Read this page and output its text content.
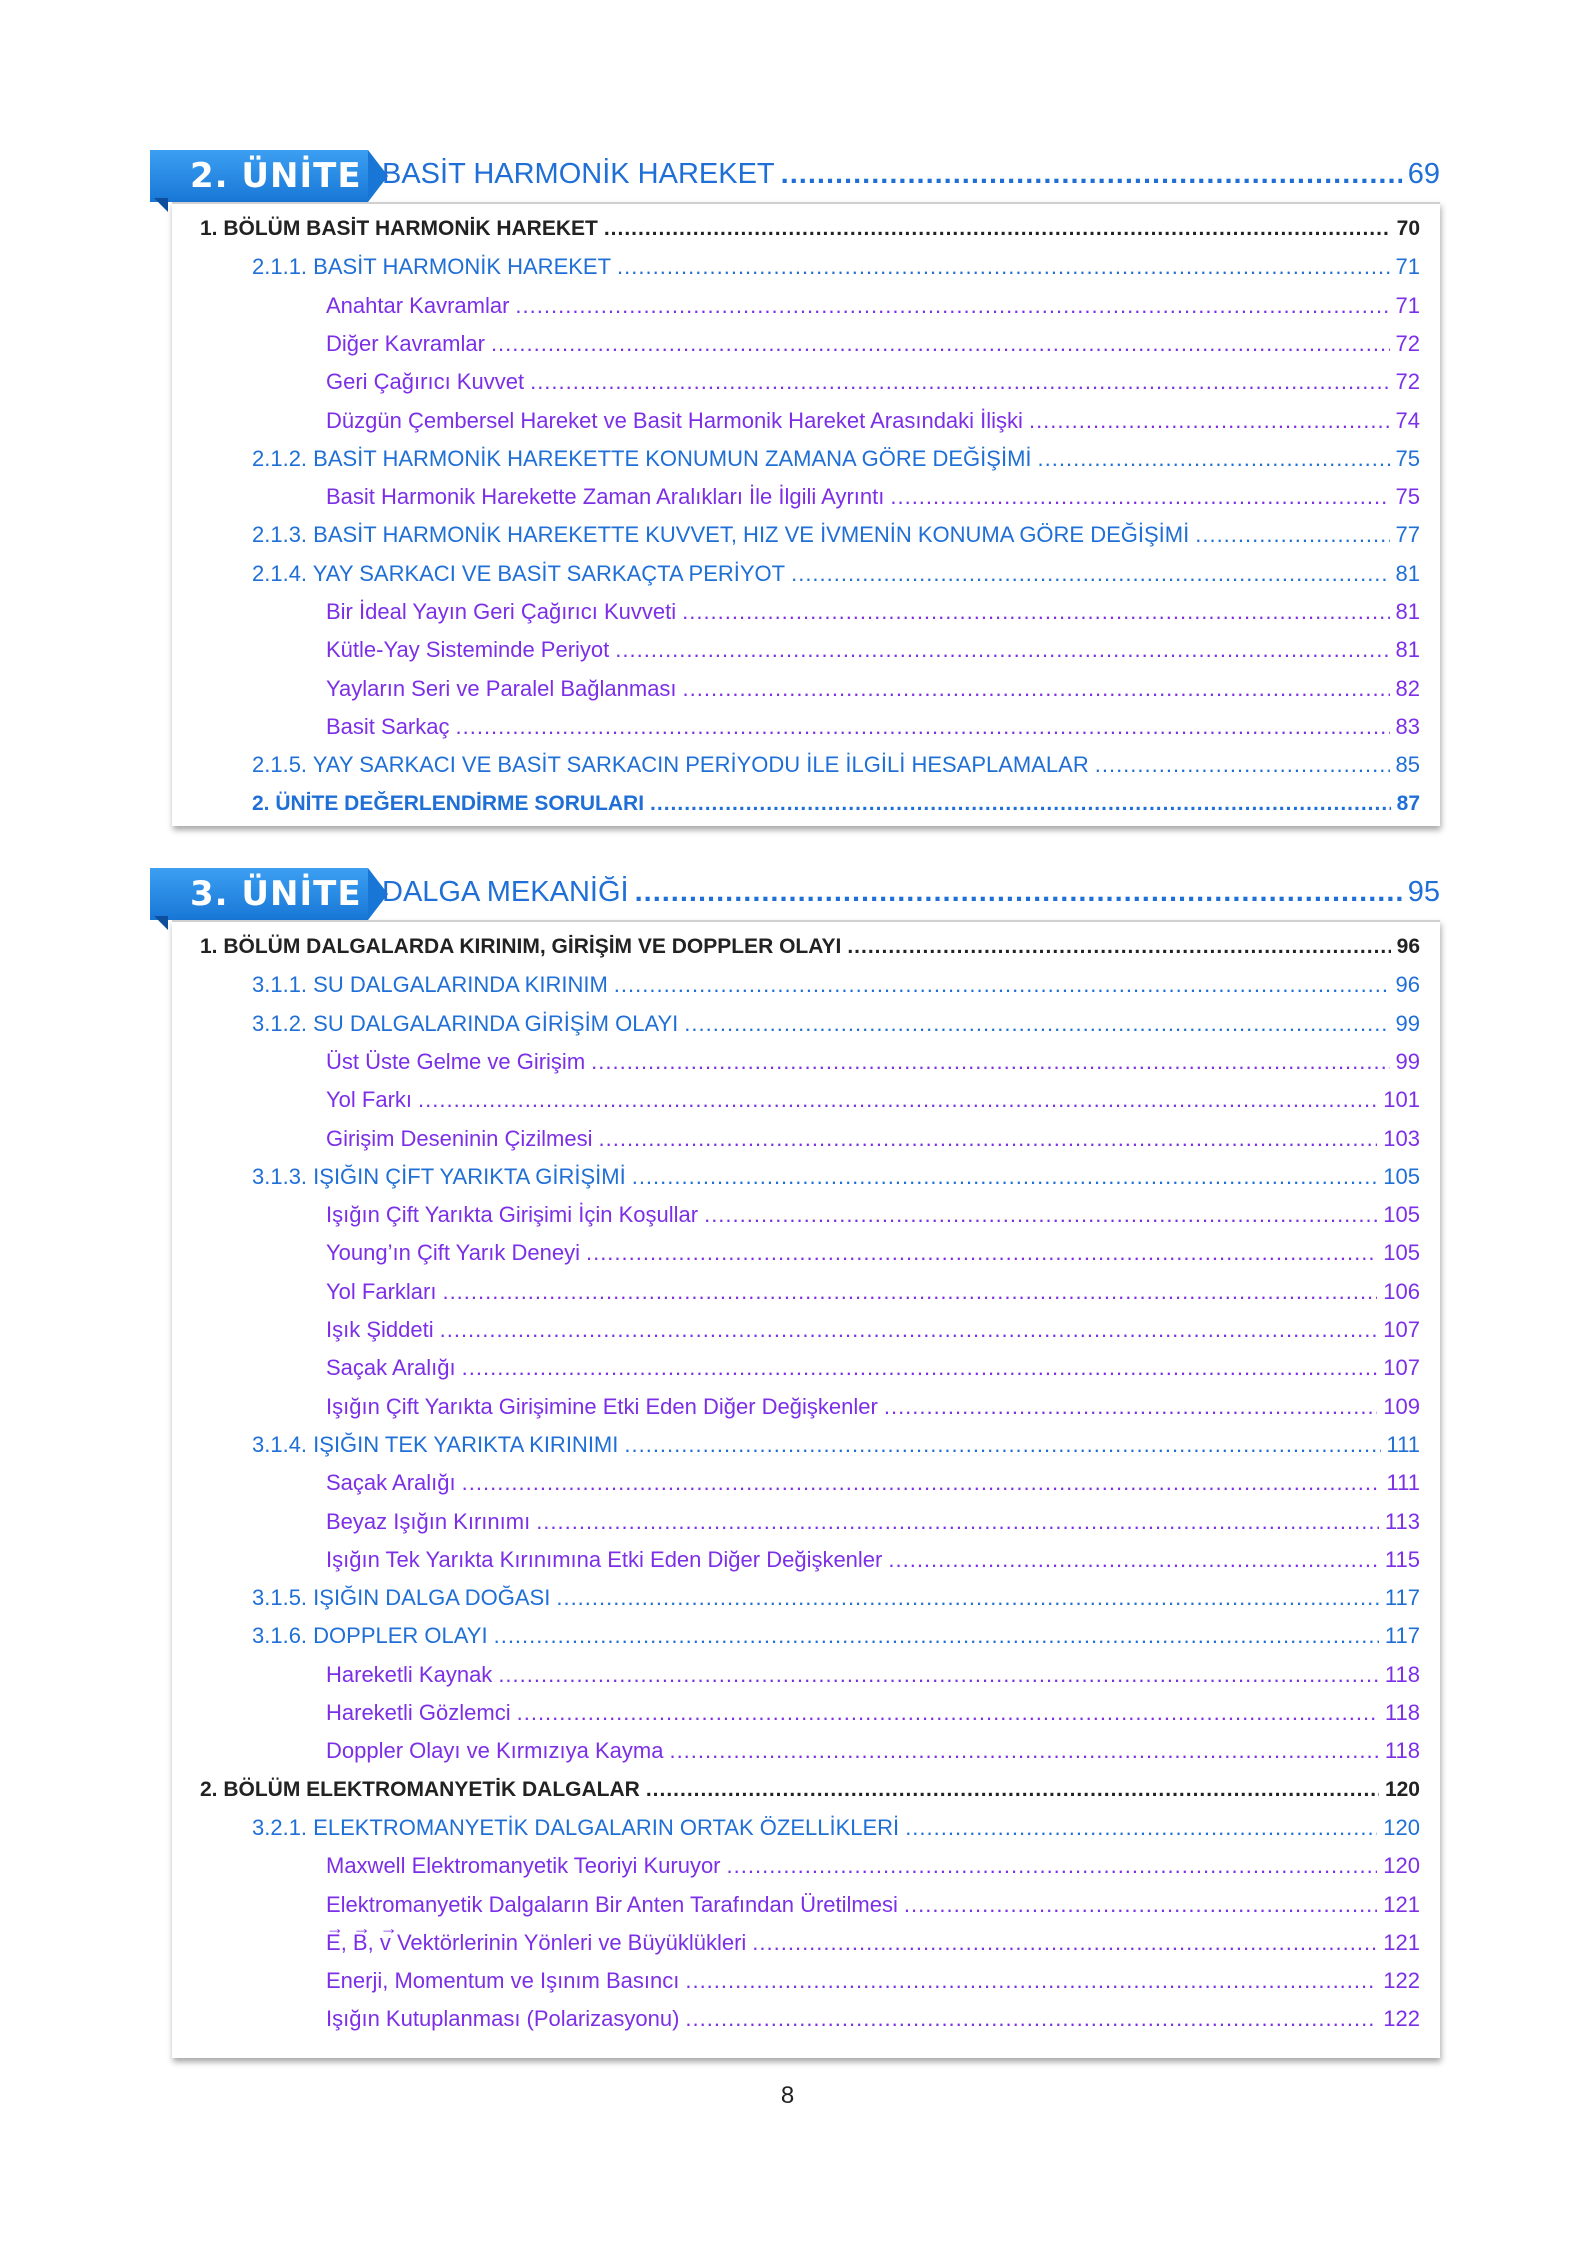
2. ÜNİTE BASİT HARMONİK HAREKET .....	69
1. BÖLÜM BASİT HARMONİK HAREKET .....	70
2.1.1. BASİT HARMONİK HAREKET .....	71
Anahtar Kavramlar .....	71
Diğer Kavramlar .....	72
Geri Çağırıcı Kuvvet .....	72
Düzgün Çembersel Hareket ve Basit Harmonik Hareket Arasındaki İlişki .....	74
2.1.2. BASİT HARMONİK HAREKETTE KONUMUN ZAMANA GÖRE DEĞİŞİMİ .....	75
Basit Harmonik Harekette Zaman Aralıkları İle İlgili Ayrıntı .....	75
2.1.3. BASİT HARMONİK HAREKETTE KUVVET, HIZ VE İVMENİN KONUMA GÖRE DEĞİŞİMİ .....	77
2.1.4. YAY SARKACI VE BASİT SARKAÇTA PERİYOT .....	81
Bir İdeal Yayın Geri Çağırıcı Kuvveti .....	81
Kütle-Yay Sisteminde Periyot .....	81
Yayların Seri ve Paralel Bağlanması .....	82
Basit Sarkaç .....	83
2.1.5. YAY SARKACI VE BASİT SARKACIN PERİYODU İLE İLGİLİ HESAPLAMALAR .....	85
2. ÜNİTE DEĞERLENDİRME SORULARI .....	87
3. ÜNİTE DALGA MEKANİĞİ .....	95
1. BÖLÜM DALGALARDA KIRINIM, GİRİŞİM VE DOPPLER OLAYI .....	96
3.1.1. SU DALGALARINDA KIRINIM .....	96
3.1.2. SU DALGALARINDA GİRİŞİM OLAYI .....	99
Üst Üste Gelme ve Girişim .....	99
Yol Farkı .....	101
Girişim Deseninin Çizilmesi .....	103
3.1.3. IŞIĞIN ÇİFT YARIKTA GİRİŞİMİ .....	105
Işığın Çift Yarıkta Girişimi İçin Koşullar .....	105
Young’ın Çift Yarık Deneyi .....	105
Yol Farkları .....	106
Işık Şiddeti .....	107
Saçak Aralığı .....	107
Işığın Çift Yarıkta Girişimine Etki Eden Diğer Değişkenler .....	109
3.1.4. IŞIĞIN TEK YARIKTA KIRINIMI .....	111
Saçak Aralığı .....	111
Beyaz Işığın Kırınımı .....	113
Işığın Tek Yarıkta Kırınımına Etki Eden Diğer Değişkenler .....	115
3.1.5. IŞIĞIN DALGA DOĞASI .....	117
3.1.6. DOPPLER OLAYI .....	117
Hareketli Kaynak .....	118
Hareketli Gözlemci .....	118
Doppler Olayı ve Kırmızıya Kayma .....	118
2. BÖLÜM ELEKTROMANYETİK DALGALAR .....	120
3.2.1. ELEKTROMANYETİK DALGALARIN ORTAK ÖZELLİKLERİ .....	120
Maxwell Elektromanyetik Teoriyi Kuruyor .....	120
Elektromanyetik Dalgaların Bir Anten Tarafından Üretilmesi .....	121
→ E, → B, → v Vektörlerinin Yönleri ve Büyüklükleri .....	121
Enerji, Momentum ve Işınım Basıncı .....	122
Işığın Kutuplanması (Polarizasyonu) .....	122
8
